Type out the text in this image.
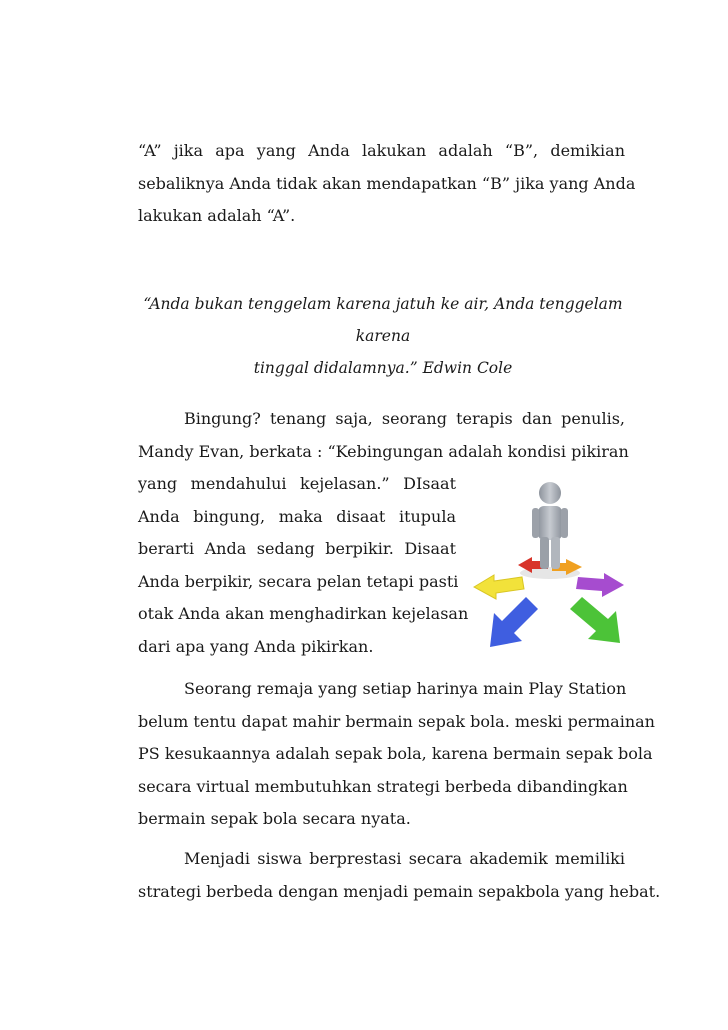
“A” jika apa yang Anda lakukan adalah “B”, demikian
sebaliknya Anda tidak akan mendapatkan “B” jika yang Anda
lakukan adalah “A”.
“Anda bukan tenggelam karena jatuh ke air, Anda tenggelam karena
tinggal didalamnya.” Edwin Cole
Bingung? tenang saja, seorang terapis dan penulis,
Mandy Evan, berkata : “Kebingungan adalah kondisi pikiran
yang mendahului kejelasan.” DIsaat
Anda bingung, maka disaat itupula
berarti Anda sedang berpikir. Disaat
Anda berpikir, secara pelan tetapi pasti
otak Anda akan menghadirkan kejelasan
dari apa yang Anda pikirkan.
Seorang remaja yang setiap harinya main Play Station
belum tentu dapat mahir bermain sepak bola. meski permainan
PS kesukaannya adalah sepak bola, karena bermain sepak bola
secara virtual membutuhkan strategi berbeda dibandingkan
bermain sepak bola secara nyata.
Menjadi siswa berprestasi secara akademik memiliki
strategi berbeda dengan menjadi pemain sepakbola yang hebat.
